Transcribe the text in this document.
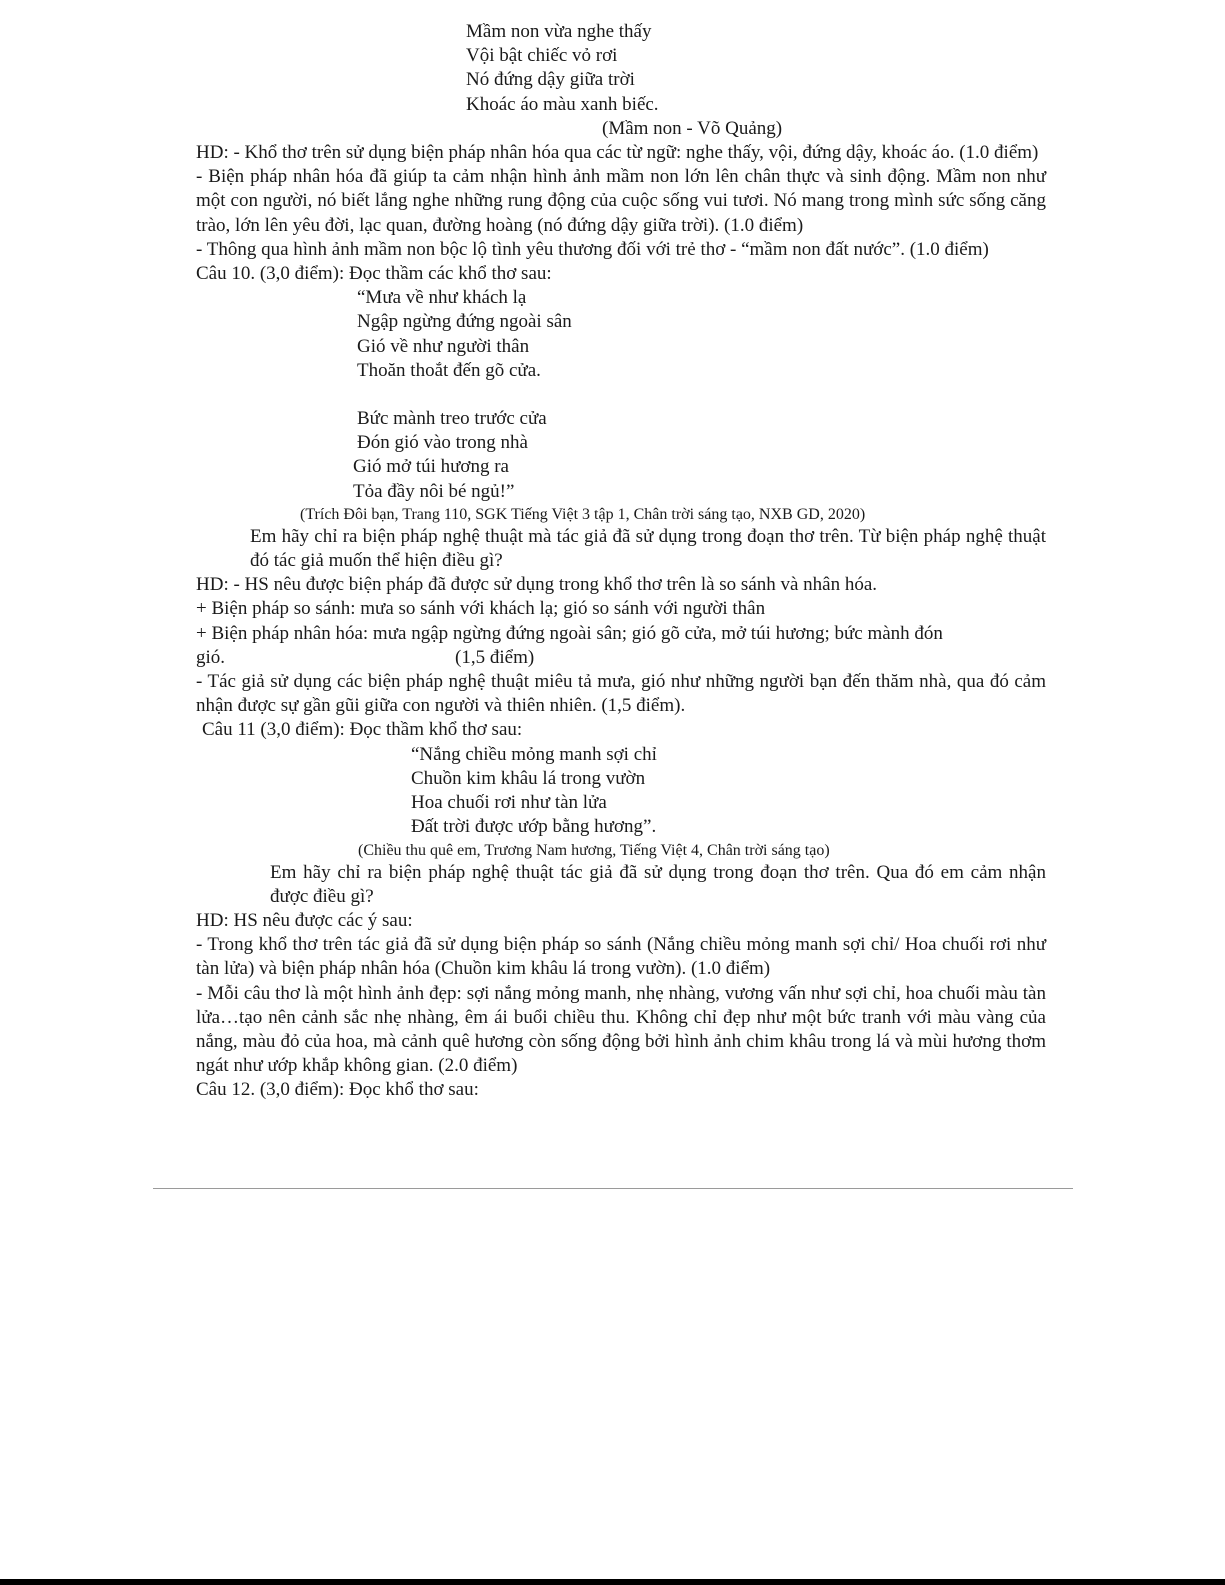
Mầm non vừa nghe thấy
Vội bật chiếc vỏ rơi
Nó đứng dậy giữa trời
Khoác áo màu xanh biếc.
(Mầm non - Võ Quảng)
HD: - Khổ thơ trên sử dụng biện pháp nhân hóa qua các từ ngữ: nghe thấy, vội, đứng dậy, khoác áo. (1.0 điểm)
- Biện pháp nhân hóa đã giúp ta cảm nhận hình ảnh mầm non lớn lên chân thực và sinh động. Mầm non như một con người, nó biết lắng nghe những rung động của cuộc sống vui tươi. Nó mang trong mình sức sống căng trào, lớn lên yêu đời, lạc quan, đường hoàng (nó đứng dậy giữa trời). (1.0 điểm)
- Thông qua hình ảnh mầm non bộc lộ tình yêu thương đối với trẻ thơ - “mầm non đất nước”. (1.0 điểm)
Câu 10. (3,0 điểm): Đọc thầm các khổ thơ sau:
“Mưa về như khách lạ
Ngập ngừng đứng ngoài sân
Gió về như người thân
Thoăn thoắt đến gõ cửa.
Bức mành treo trước cửa
Đón gió vào trong nhà
Gió mở túi hương ra
Tỏa đầy nôi bé ngủ!”
(Trích Đôi bạn, Trang 110, SGK Tiếng Việt 3 tập 1, Chân trời sáng tạo, NXB GD, 2020)
Em hãy chỉ ra biện pháp nghệ thuật mà tác giả đã sử dụng trong đoạn thơ trên. Từ biện pháp nghệ thuật đó tác giả muốn thể hiện điều gì?
HD: - HS nêu được biện pháp đã được sử dụng trong khổ thơ trên là so sánh và nhân hóa.
+ Biện pháp so sánh: mưa so sánh với khách lạ; gió so sánh với người thân
+ Biện pháp nhân hóa: mưa ngập ngừng đứng ngoài sân; gió gõ cửa, mở túi hương; bức mành đón
gió.	(1,5 điểm)
- Tác giả sử dụng các biện pháp nghệ thuật miêu tả mưa, gió như những người bạn đến thăm nhà, qua đó cảm nhận được sự gần gũi giữa con người và thiên nhiên. (1,5 điểm).
Câu 11 (3,0 điểm): Đọc thầm khổ thơ sau:
“Nắng chiều mỏng manh sợi chỉ
Chuồn kim khâu lá trong vườn
Hoa chuối rơi như tàn lửa
Đất trời được ướp bằng hương”.
(Chiều thu quê em, Trương Nam hương, Tiếng Việt 4, Chân trời sáng tạo)
Em hãy chỉ ra biện pháp nghệ thuật tác giả đã sử dụng trong đoạn thơ trên. Qua đó em cảm nhận được điều gì?
HD: HS nêu được các ý sau:
- Trong khổ thơ trên tác giả đã sử dụng biện pháp so sánh (Nắng chiều mỏng manh sợi chỉ/ Hoa chuối rơi như tàn lửa) và biện pháp nhân hóa (Chuồn kim khâu lá trong vườn). (1.0 điểm)
- Mỗi câu thơ là một hình ảnh đẹp: sợi nắng mỏng manh, nhẹ nhàng, vương vấn như sợi chỉ, hoa chuối màu tàn lửa…tạo nên cảnh sắc nhẹ nhàng, êm ái buổi chiều thu. Không chỉ đẹp như một bức tranh với màu vàng của nắng, màu đỏ của hoa, mà cảnh quê hương còn sống động bởi hình ảnh chim khâu trong lá và mùi hương thơm ngát như ướp khắp không gian. (2.0 điểm)
Câu 12. (3,0 điểm): Đọc khổ thơ sau:
